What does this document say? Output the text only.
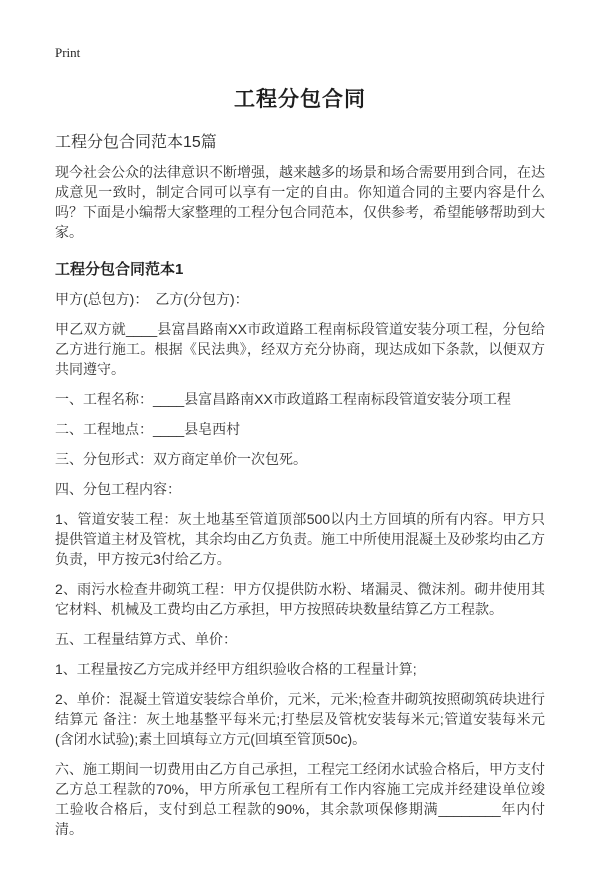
Print
工程分包合同

工程分包合同范本15篇

现今社会公众的法律意识不断增强，越来越多的场景和场合需要用到合同，在达成意见一致时，制定合同可以享有一定的自由。你知道合同的主要内容是什么吗？下面是小编帮大家整理的工程分包合同范本，仅供参考，希望能够帮助到大家。

工程分包合同范本1

甲方(总包方)：　乙方(分包方)：

甲乙双方就____县富昌路南XX市政道路工程南标段管道安装分项工程，分包给乙方进行施工。根据《民法典》，经双方充分协商，现达成如下条款，以便双方共同遵守。

一、工程名称：____县富昌路南XX市政道路工程南标段管道安装分项工程

二、工程地点：____县皂西村

三、分包形式：双方商定单价一次包死。

四、分包工程内容：

1、管道安装工程：灰土地基至管道顶部500以内土方回填的所有内容。甲方只提供管道主材及管枕，其余均由乙方负责。施工中所使用混凝土及砂浆均由乙方负责，甲方按元3付给乙方。

2、雨污水检查井砌筑工程：甲方仅提供防水粉、堵漏灵、微沫剂。砌井使用其它材料、机械及工费均由乙方承担，甲方按照砖块数量结算乙方工程款。

五、工程量结算方式、单价：

1、工程量按乙方完成并经甲方组织验收合格的工程量计算;

2、单价：混凝土管道安装综合单价，元米，元米;检查井砌筑按照砌筑砖块进行结算元 备注：灰土地基整平每米元;打垫层及管枕安装每米元;管道安装每米元(含闭水试验);素土回填每立方元(回填至管顶50c)。

六、施工期间一切费用由乙方自己承担，工程完工经闭水试验合格后，甲方支付乙方总工程款的70%，甲方所承包工程所有工作内容施工完成并经建设单位竣工验收合格后，支付到总工程款的90%，其余款项保修期满________年内付清。
